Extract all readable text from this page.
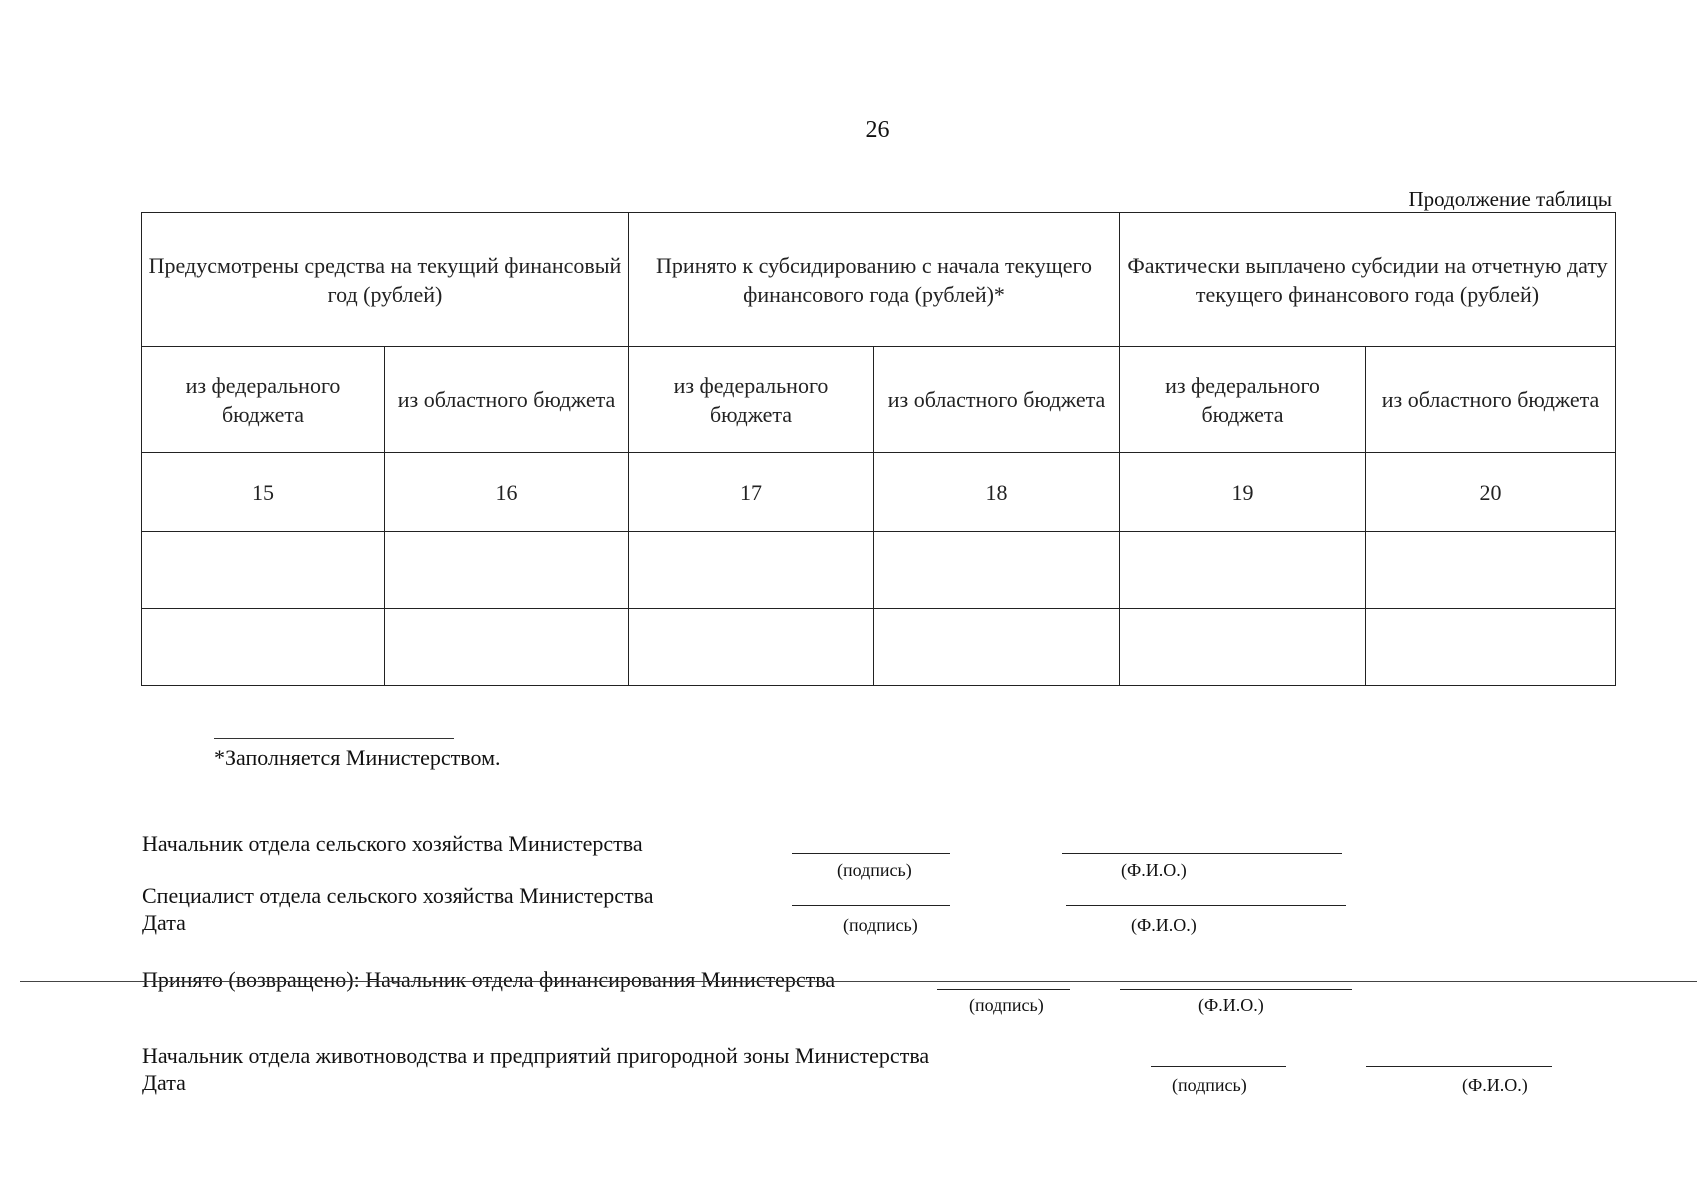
26
Продолжение таблицы
Предусмотрены средства на текущий финансовый год (рублей)		Принято к субсидированию с начала текущего финансового года (рублей)*		Фактически выплачено субсидии на отчетную дату текущего финансового года (рублей)	
из федерального бюджета	из областного бюджета	из федерального бюджета	из областного бюджета	из федерального бюджета	из областного бюджета
15	16	17	18	19	20

*Заполняется Министерством.
Начальник отдела сельского хозяйства Министерства
(подпись)	(Ф.И.О.)
Специалист отдела сельского хозяйства Министерства
Дата	(подпись)	(Ф.И.О.)
Принято (возвращено): Начальник отдела финансирования Министерства
(подпись)	(Ф.И.О.)
Начальник отдела животноводства и предприятий пригородной зоны Министерства
Дата	(подпись)	(Ф.И.О.)
